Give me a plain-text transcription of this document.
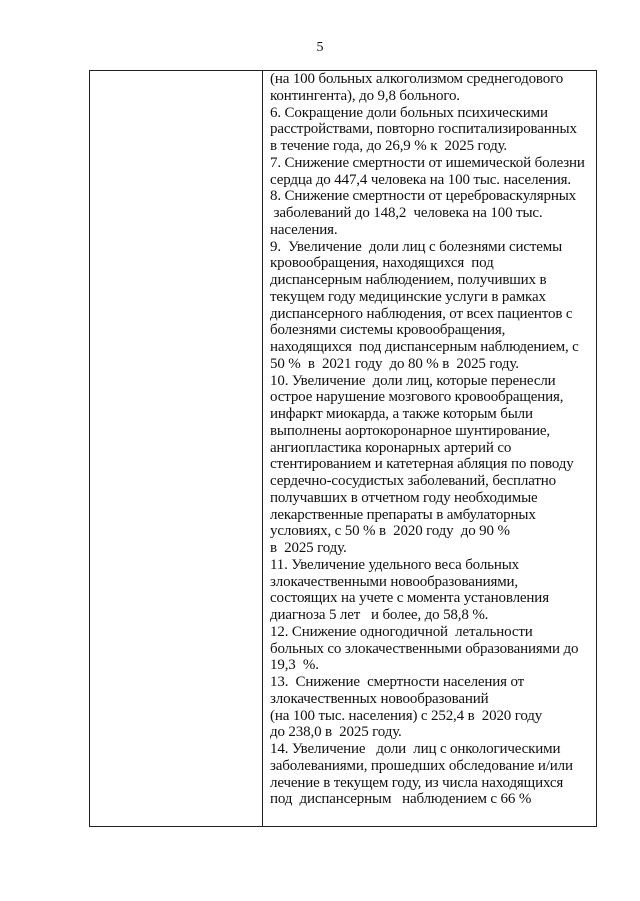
5
(на 100 больных алкоголизмом среднегодового
контингента), до 9,8 больного.
6. Сокращение доли больных психическими
расстройствами, повторно госпитализированных
в течение года, до 26,9 % к  2025 году.
7. Снижение смертности от ишемической болезни
сердца до 447,4 человека на 100 тыс. населения.
8. Снижение смертности от цереброваскулярных
заболеваний до 148,2  человека на 100 тыс.
населения.
9.  Увеличение  доли лиц с болезнями системы
кровообращения, находящихся  под
диспансерным наблюдением, получивших в
текущем году медицинские услуги в рамках
диспансерного наблюдения, от всех пациентов с
болезнями системы кровообращения,
находящихся  под диспансерным наблюдением, с
50 %  в  2021 году  до 80 % в  2025 году.
10. Увеличение  доли лиц, которые перенесли
острое нарушение мозгового кровообращения,
инфаркт миокарда, а также которым были
выполнены аортокоронарное шунтирование,
ангиопластика коронарных артерий со
стентированием и катетерная абляция по поводу
сердечно-сосудистых заболеваний, бесплатно
получавших в отчетном году необходимые
лекарственные препараты в амбулаторных
условиях, с 50 % в  2020 году  до 90 %
в  2025 году.
11. Увеличение удельного веса больных
злокачественными новообразованиями,
состоящих на учете с момента установления
диагноза 5 лет   и более, до 58,8 %.
12. Снижение одногодичной  летальности
больных со злокачественными образованиями до
19,3  %.
13.  Снижение  смертности населения от
злокачественных новообразований
(на 100 тыс. населения) с 252,4 в  2020 году
до 238,0 в  2025 году.
14. Увеличение   доли  лиц с онкологическими
заболеваниями, прошедших обследование и/или
лечение в текущем году, из числа находящихся
под  диспансерным   наблюдением с 66 %
